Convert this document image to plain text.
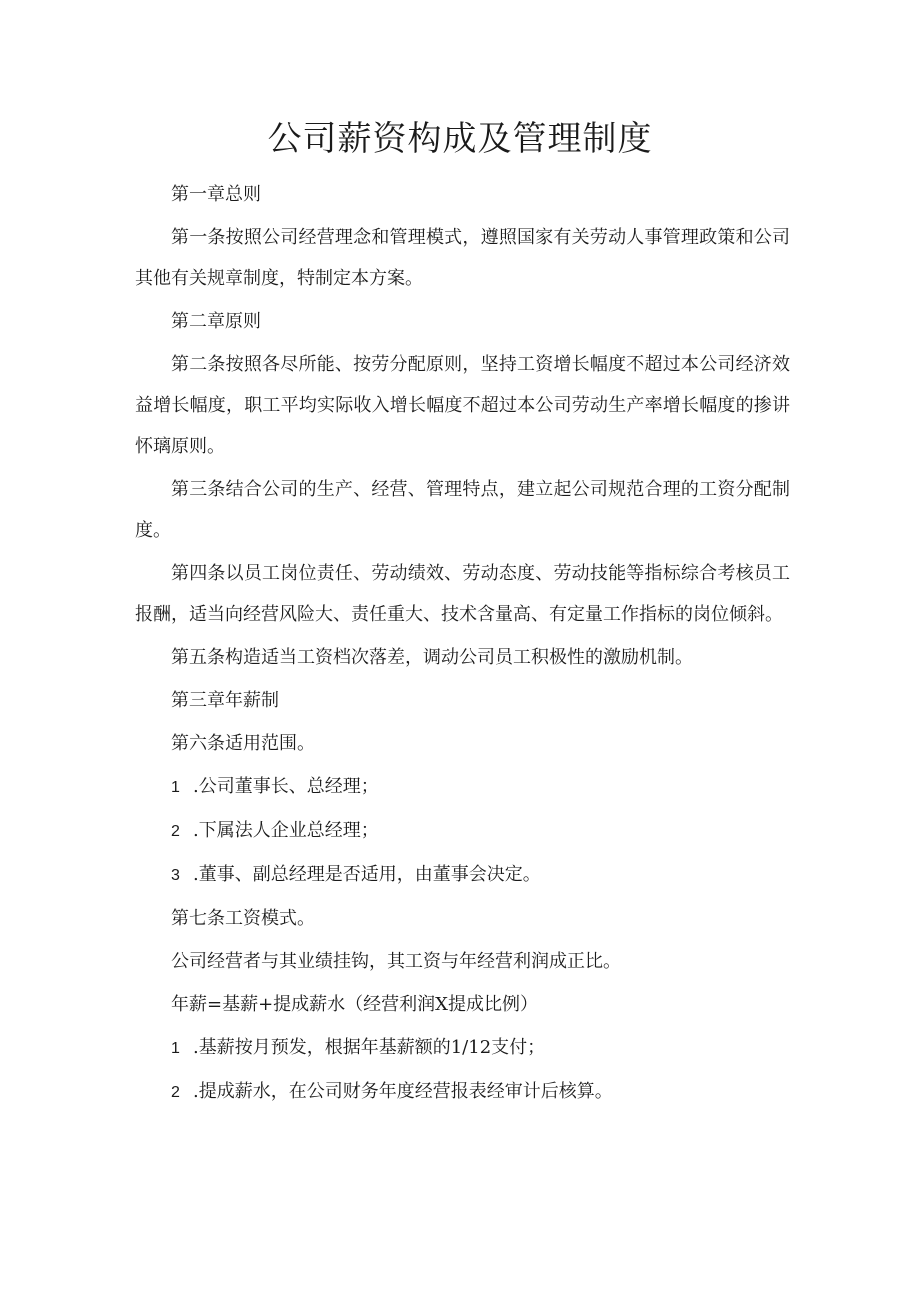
公司薪资构成及管理制度

第一章总则

第一条按照公司经营理念和管理模式，遵照国家有关劳动人事管理政策和公司其他有关规章制度，特制定本方案。

第二章原则

第二条按照各尽所能、按劳分配原则，坚持工资增长幅度不超过本公司经济效益增长幅度，职工平均实际收入增长幅度不超过本公司劳动生产率增长幅度的掺讲怀璃原则。

第三条结合公司的生产、经营、管理特点，建立起公司规范合理的工资分配制度。

第四条以员工岗位责任、劳动绩效、劳动态度、劳动技能等指标综合考核员工报酬，适当向经营风险大、责任重大、技术含量高、有定量工作指标的岗位倾斜。

第五条构造适当工资档次落差，调动公司员工积极性的激励机制。

第三章年薪制

第六条适用范围。

1 .公司董事长、总经理；

2 .下属法人企业总经理；

3 .董事、副总经理是否适用，由董事会决定。

第七条工资模式。

公司经营者与其业绩挂钩，其工资与年经营利润成正比。

年薪=基薪+提成薪水（经营利润X提成比例）

1 .基薪按月预发，根据年基薪额的1/12支付；

2 .提成薪水，在公司财务年度经营报表经审计后核算。
